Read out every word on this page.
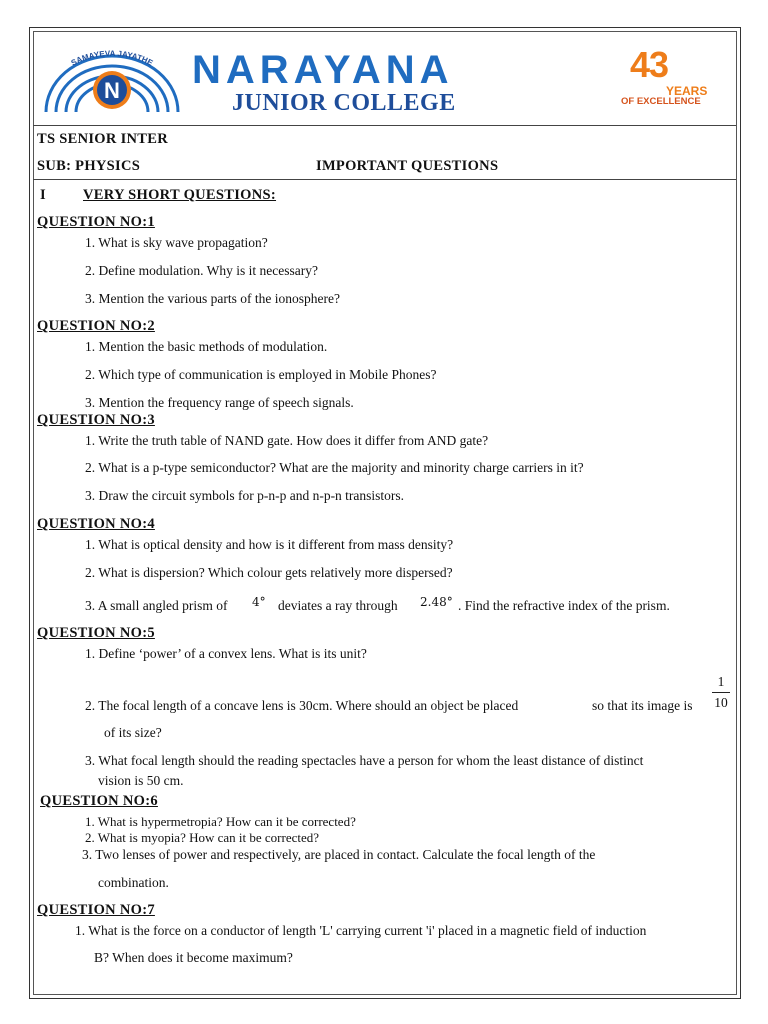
N
SAMAYEVA JAYATHE NARAYANA
JUNIOR COLLEGE
43
YEARS
OF EXCELLENCE
TS SENIOR INTER
SUB: PHYSICS	IMPORTANT QUESTIONS
I	VERY SHORT QUESTIONS:
QUESTION NO:1
1. What is sky wave propagation?
2. Define modulation. Why is it necessary?
3. Mention the various parts of the ionosphere?
QUESTION NO:2
1. Mention the basic methods of modulation.
2. Which type of communication is employed in Mobile Phones?
3. Mention the frequency range of speech signals.
QUESTION NO:3
1. Write the truth table of NAND gate. How does it differ from AND gate?
2. What is a p-type semiconductor? What are the majority and minority charge carriers in it?
3. Draw the circuit symbols for p-n-p and n-p-n transistors.
QUESTION NO:4
1. What is optical density and how is it different from mass density?
2. What is dispersion? Which colour gets relatively more dispersed?
3. A small angled prism of 4° deviates a ray through 2.48° . Find the refractive index of the prism.
QUESTION NO:5
1. Define ‘power’ of a convex lens. What is its unit?
2. The focal length of a concave lens is 30cm. Where should an object be placed	so that its image is
1
10
of its size?
3. What focal length should the reading spectacles have a person for whom the least distance of distinct
vision is 50 cm.
QUESTION NO:6
1. What is hypermetropia? How can it be corrected?
2. What is myopia? How can it be corrected?
3. Two lenses of power and respectively, are placed in contact. Calculate the focal length of the
combination.
QUESTION NO:7
1. What is the force on a conductor of length 'L' carrying current 'i' placed in a magnetic field of induction
B? When does it become maximum?
